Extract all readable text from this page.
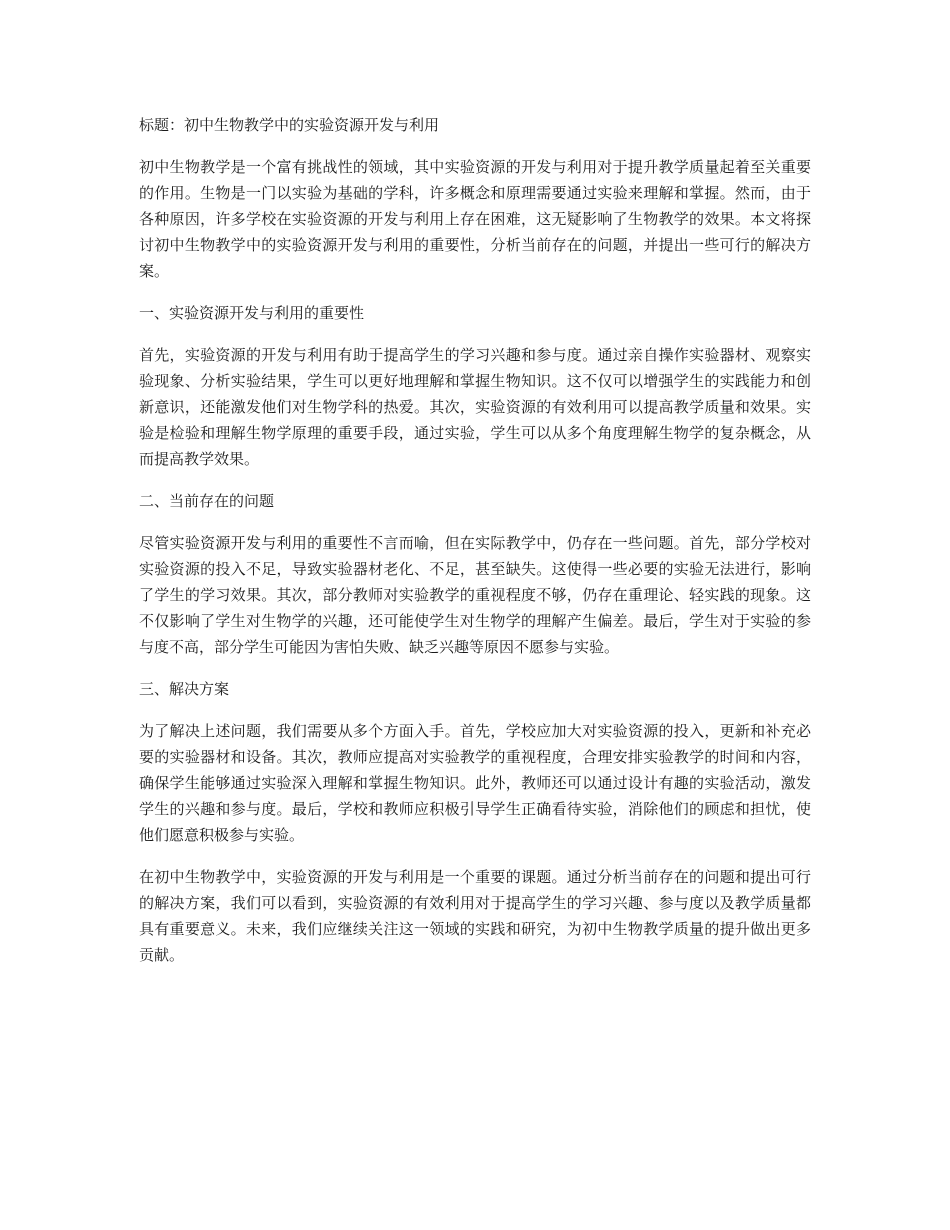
标题：初中生物教学中的实验资源开发与利用

初中生物教学是一个富有挑战性的领域，其中实验资源的开发与利用对于提升教学质量起着至关重要的作用。生物是一门以实验为基础的学科，许多概念和原理需要通过实验来理解和掌握。然而，由于各种原因，许多学校在实验资源的开发与利用上存在困难，这无疑影响了生物教学的效果。本文将探讨初中生物教学中的实验资源开发与利用的重要性，分析当前存在的问题，并提出一些可行的解决方案。

一、实验资源开发与利用的重要性

首先，实验资源的开发与利用有助于提高学生的学习兴趣和参与度。通过亲自操作实验器材、观察实验现象、分析实验结果，学生可以更好地理解和掌握生物知识。这不仅可以增强学生的实践能力和创新意识，还能激发他们对生物学科的热爱。其次，实验资源的有效利用可以提高教学质量和效果。实验是检验和理解生物学原理的重要手段，通过实验，学生可以从多个角度理解生物学的复杂概念，从而提高教学效果。

二、当前存在的问题

尽管实验资源开发与利用的重要性不言而喻，但在实际教学中，仍存在一些问题。首先，部分学校对实验资源的投入不足，导致实验器材老化、不足，甚至缺失。这使得一些必要的实验无法进行，影响了学生的学习效果。其次，部分教师对实验教学的重视程度不够，仍存在重理论、轻实践的现象。这不仅影响了学生对生物学的兴趣，还可能使学生对生物学的理解产生偏差。最后，学生对于实验的参与度不高，部分学生可能因为害怕失败、缺乏兴趣等原因不愿参与实验。

三、解决方案

为了解决上述问题，我们需要从多个方面入手。首先，学校应加大对实验资源的投入，更新和补充必要的实验器材和设备。其次，教师应提高对实验教学的重视程度，合理安排实验教学的时间和内容，确保学生能够通过实验深入理解和掌握生物知识。此外，教师还可以通过设计有趣的实验活动，激发学生的兴趣和参与度。最后，学校和教师应积极引导学生正确看待实验，消除他们的顾虑和担忧，使他们愿意积极参与实验。

在初中生物教学中，实验资源的开发与利用是一个重要的课题。通过分析当前存在的问题和提出可行的解决方案，我们可以看到，实验资源的有效利用对于提高学生的学习兴趣、参与度以及教学质量都具有重要意义。未来，我们应继续关注这一领域的实践和研究，为初中生物教学质量的提升做出更多贡献。
